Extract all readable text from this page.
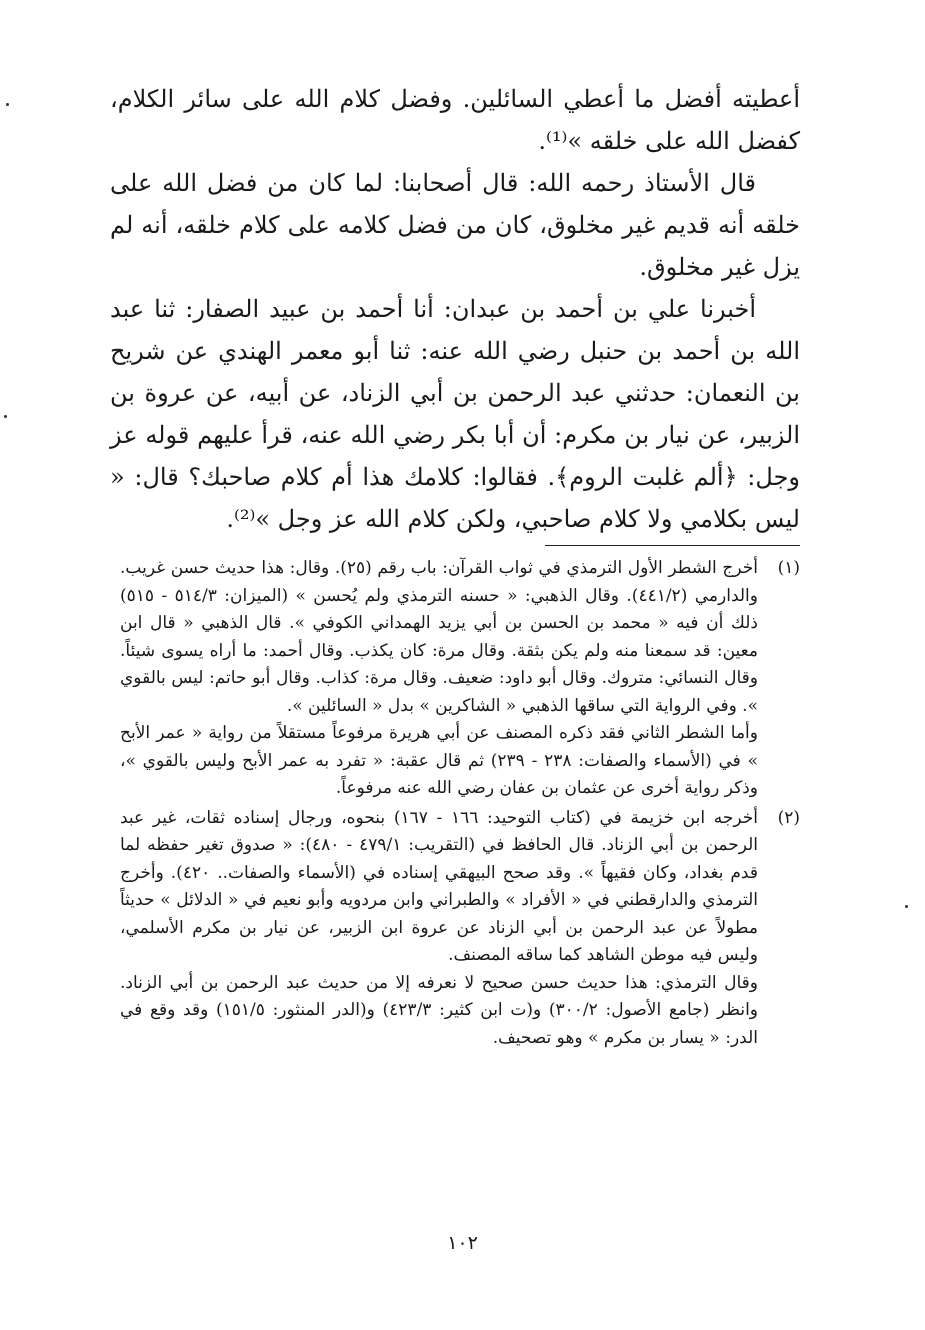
أعطيته أفضل ما أعطي السائلين. وفضل كلام الله على سائر الكلام، كفضل الله على خلقه »⁽¹⁾.

قال الأستاذ رحمه الله: قال أصحابنا: لما كان من فضل الله على خلقه أنه قديم غير مخلوق، كان من فضل كلامه على كلام خلقه، أنه لم يزل غير مخلوق.

أخبرنا علي بن أحمد بن عبدان: أنا أحمد بن عبيد الصفار: ثنا عبد الله بن أحمد بن حنبل رضي الله عنه: ثنا أبو معمر الهندي عن شريح بن النعمان: حدثني عبد الرحمن بن أبي الزناد، عن أبيه، عن عروة بن الزبير، عن نيار بن مكرم: أن أبا بكر رضي الله عنه، قرأ عليهم قوله عز وجل: ﴿ألم غلبت الروم﴾. فقالوا: كلامك هذا أم كلام صاحبك؟ قال: « ليس بكلامي ولا كلام صاحبي، ولكن كلام الله عز وجل »⁽²⁾.

(١)

أخرج الشطر الأول الترمذي في ثواب القرآن: باب رقم (٢٥). وقال: هذا حديث حسن غريب. والدارمي (٤٤١/٢). وقال الذهبي: « حسنه الترمذي ولم يُحسن » (الميزان: ٥١٤/٣ - ٥١٥) ذلك أن فيه « محمد بن الحسن بن أبي يزيد الهمداني الكوفي ». قال الذهبي « قال ابن معين: قد سمعنا منه ولم يكن بثقة. وقال مرة: كان يكذب. وقال أحمد: ما أراه يسوى شيئاً. وقال النسائي: متروك. وقال أبو داود: ضعيف. وقال مرة: كذاب. وقال أبو حاتم: ليس بالقوي ». وفي الرواية التي ساقها الذهبي « الشاكرين » بدل « السائلين ».

وأما الشطر الثاني فقد ذكره المصنف عن أبي هريرة مرفوعاً مستقلاً من رواية « عمر الأبح » في (الأسماء والصفات: ٢٣٨ - ٢٣٩) ثم قال عقبة: « تفرد به عمر الأبح وليس بالقوي »، وذكر رواية أخرى عن عثمان بن عفان رضي الله عنه مرفوعاً.

(٢)

أخرجه ابن خزيمة في (كتاب التوحيد: ١٦٦ - ١٦٧) بنحوه، ورجال إسناده ثقات، غير عبد الرحمن بن أبي الزناد. قال الحافظ في (التقريب: ٤٧٩/١ - ٤٨٠): « صدوق تغير حفظه لما قدم بغداد، وكان فقيهاً ». وقد صحح البيهقي إسناده في (الأسماء والصفات.. ٤٢٠). وأخرج الترمذي والدارقطني في « الأفراد » والطبراني وابن مردويه وأبو نعيم في « الدلائل » حديثاً مطولاً عن عبد الرحمن بن أبي الزناد عن عروة ابن الزبير، عن نيار بن مكرم الأسلمي، وليس فيه موطن الشاهد كما ساقه المصنف.

وقال الترمذي: هذا حديث حسن صحيح لا نعرفه إلا من حديث عبد الرحمن بن أبي الزناد. وانظر (جامع الأصول: ٣٠٠/٢) و(ت ابن كثير: ٤٢٣/٣) و(الدر المنثور: ١٥١/٥) وقد وقع في الدر: « يسار بن مكرم » وهو تصحيف.

١٠٢
